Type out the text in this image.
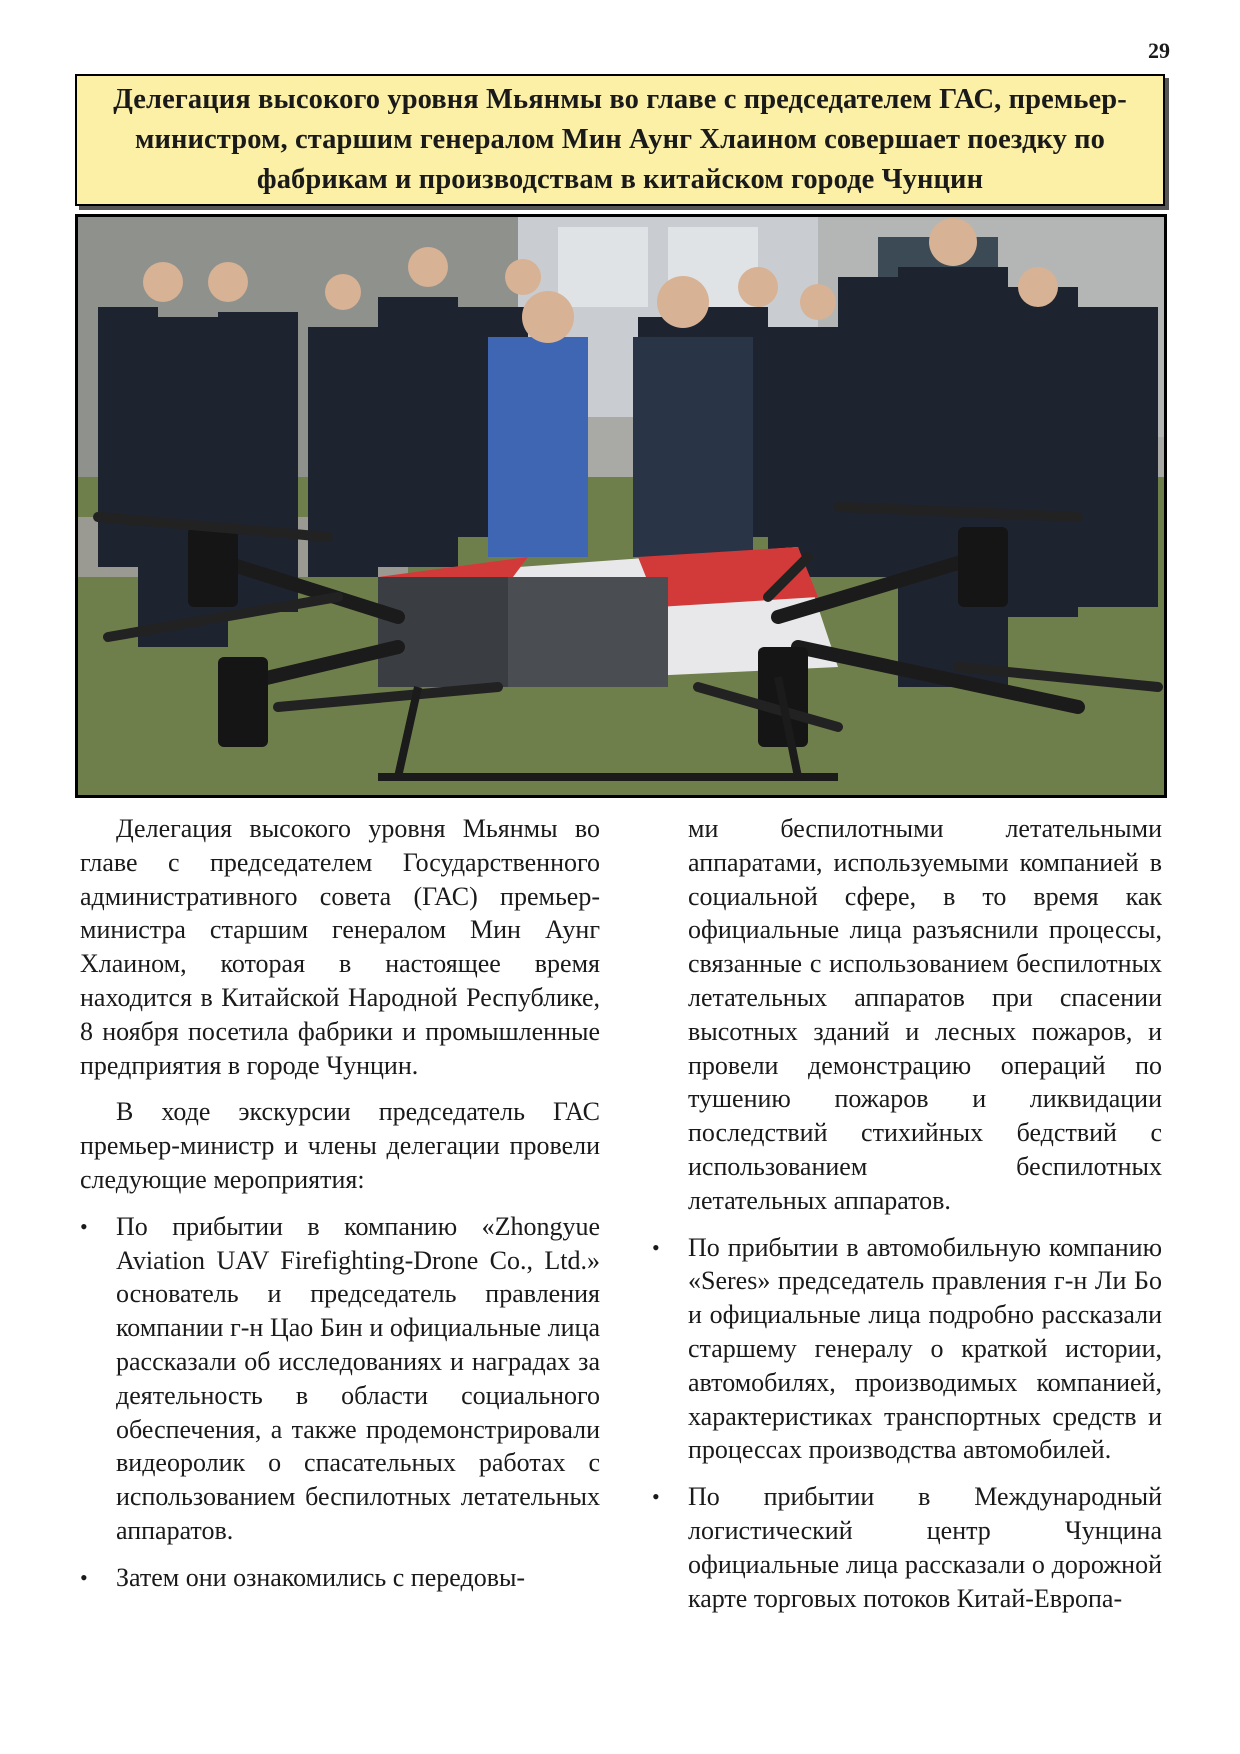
29
Делегация высокого уровня Мьянмы во главе с председателем ГАС, премьер-министром, старшим генералом Мин Аунг Хлаином совершает поездку по фабрикам и производствам в китайском городе Чунцин

Делегация высокого уровня Мьянмы во главе с председателем Государственного административного совета (ГАС) премьер-министра старшим генералом Мин Аунг Хлаином, которая в настоящее время находится в Китайской Народной Республике, 8 ноября посетила фабрики и промышленные предприятия в городе Чунцин.

В ходе экскурсии председатель ГАС премьер-министр и члены делегации провели следующие мероприятия:

• По прибытии в компанию «Zhongyue Aviation UAV Firefighting-Drone Co., Ltd.» основатель и председатель правления компании г-н Цао Бин и официальные лица рассказали об исследованиях и наградах за деятельность в области социального обеспечения, а также продемонстрировали видеоролик о спасательных работах с использованием беспилотных летательных аппаратов.
• Затем они ознакомились с передовы-

ми беспилотными летательными аппаратами, используемыми компанией в социальной сфере, в то время как официальные лица разъяснили процессы, связанные с использованием беспилотных летательных аппаратов при спасении высотных зданий и лесных пожаров, и провели демонстрацию операций по тушению пожаров и ликвидации последствий стихийных бедствий с использованием беспилотных летательных аппаратов.

• По прибытии в автомобильную компанию «Seres» председатель правления г-н Ли Бо и официальные лица подробно рассказали старшему генералу о краткой истории, автомобилях, производимых компанией, характеристиках транспортных средств и процессах производства автомобилей.
• По прибытии в Международный логистический центр Чунцина официальные лица рассказали о дорожной карте торговых потоков Китай-Европа-
